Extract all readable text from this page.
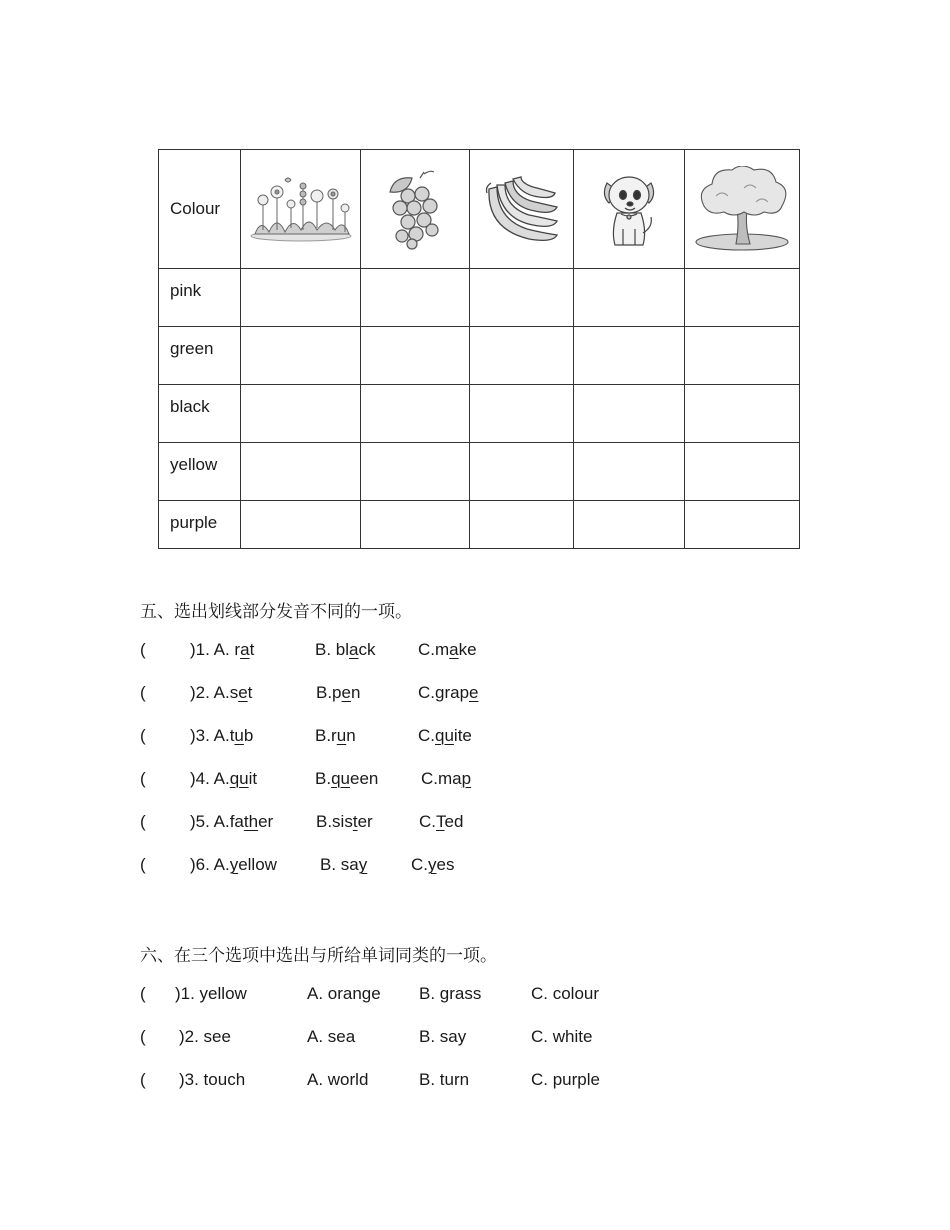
Colour	

pink					
green					
black					
yellow					
purple					
五、选出划线部分发音不同的一项。
(	)1. A. rat	B. black	C.make
(	)2. A.set	B.pen	C.grape
(	)3. A.tub	B.run	C.quite
(	)4. A.quit	B.queen	C.map
(	)5. A.father	B.sister	C.Ted
(	)6. A.yellow	B. say	C.yes
六、在三个选项中选出与所给单词同类的一项。
( )1. yellow	A. orange B. grass	C. colour
( )2. see	A. sea	B. say	C. white
( )3. touch	A. world	B. turn	C. purple
